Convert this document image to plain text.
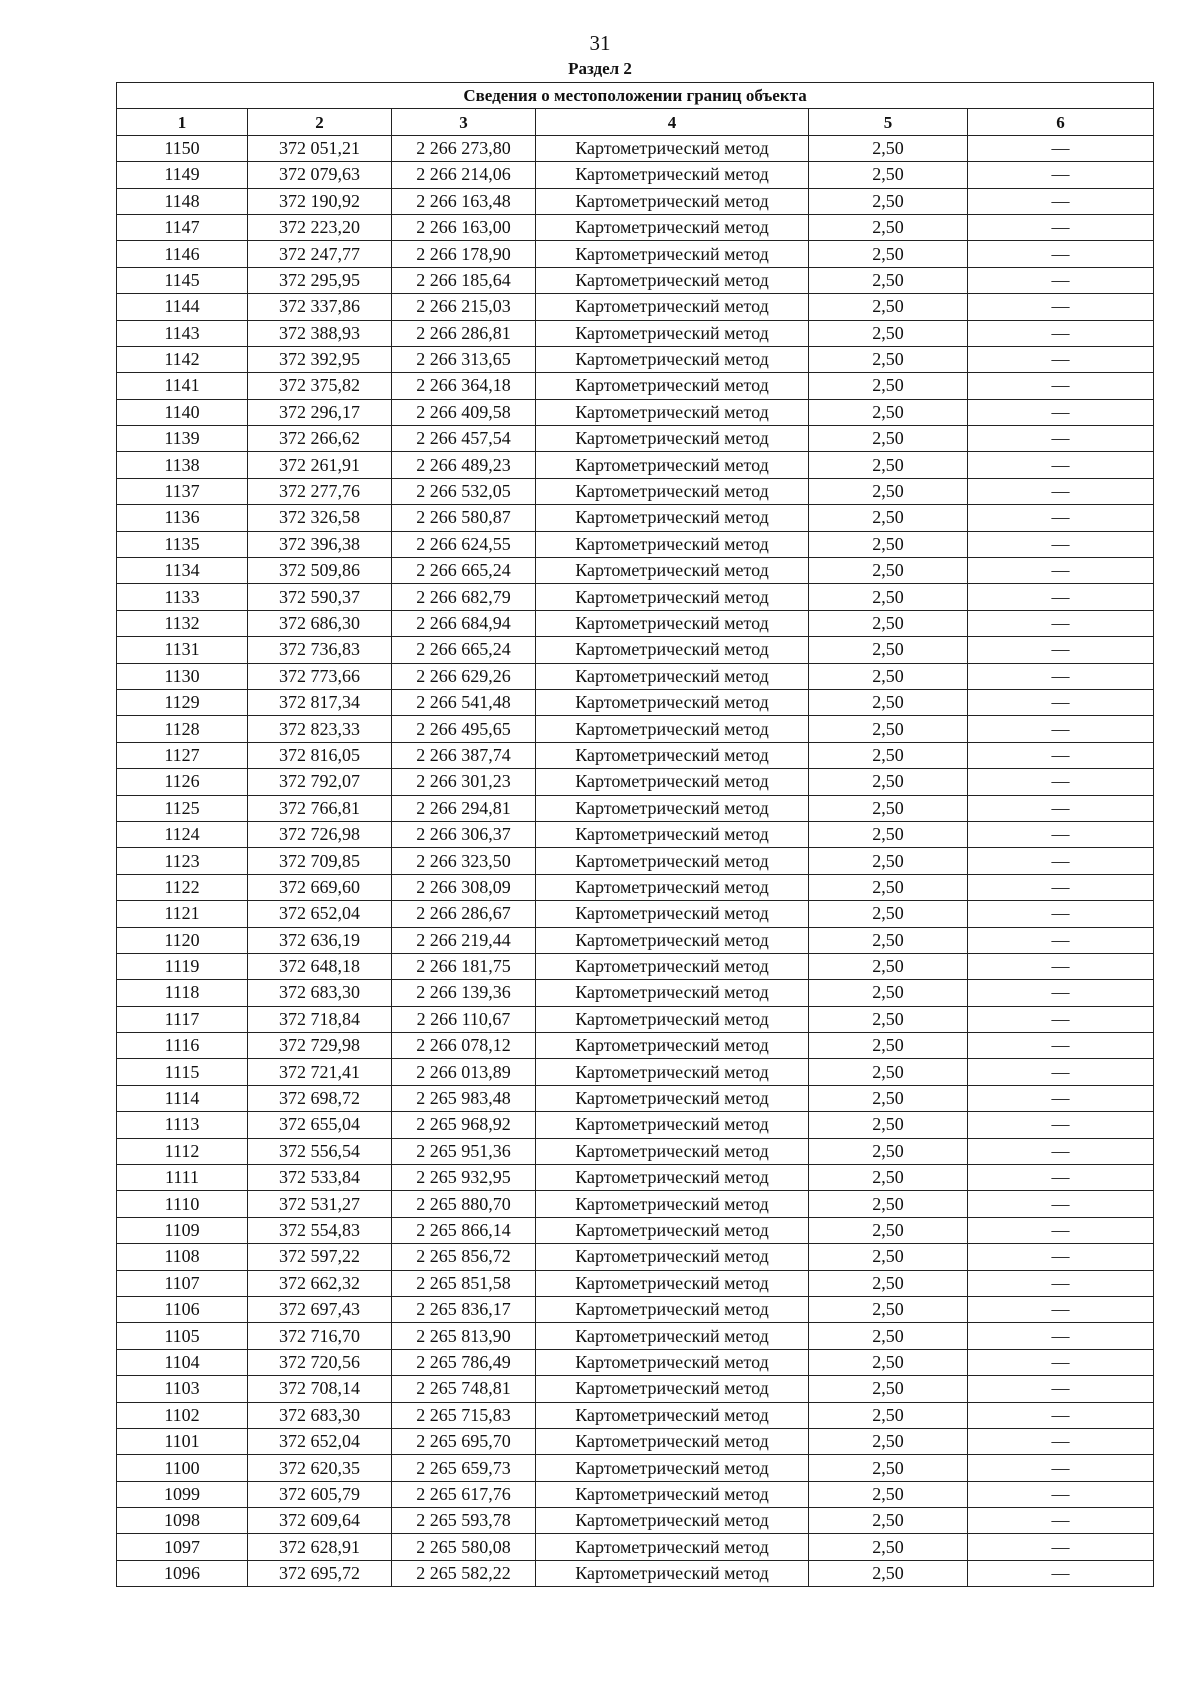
31
Раздел 2
Сведения о местоположении границ объекта					
1	2	3	4	5	6
1150	372 051,21	2 266 273,80	Картометрический метод	2,50	—
1149	372 079,63	2 266 214,06	Картометрический метод	2,50	—
1148	372 190,92	2 266 163,48	Картометрический метод	2,50	—
1147	372 223,20	2 266 163,00	Картометрический метод	2,50	—
1146	372 247,77	2 266 178,90	Картометрический метод	2,50	—
1145	372 295,95	2 266 185,64	Картометрический метод	2,50	—
1144	372 337,86	2 266 215,03	Картометрический метод	2,50	—
1143	372 388,93	2 266 286,81	Картометрический метод	2,50	—
1142	372 392,95	2 266 313,65	Картометрический метод	2,50	—
1141	372 375,82	2 266 364,18	Картометрический метод	2,50	—
1140	372 296,17	2 266 409,58	Картометрический метод	2,50	—
1139	372 266,62	2 266 457,54	Картометрический метод	2,50	—
1138	372 261,91	2 266 489,23	Картометрический метод	2,50	—
1137	372 277,76	2 266 532,05	Картометрический метод	2,50	—
1136	372 326,58	2 266 580,87	Картометрический метод	2,50	—
1135	372 396,38	2 266 624,55	Картометрический метод	2,50	—
1134	372 509,86	2 266 665,24	Картометрический метод	2,50	—
1133	372 590,37	2 266 682,79	Картометрический метод	2,50	—
1132	372 686,30	2 266 684,94	Картометрический метод	2,50	—
1131	372 736,83	2 266 665,24	Картометрический метод	2,50	—
1130	372 773,66	2 266 629,26	Картометрический метод	2,50	—
1129	372 817,34	2 266 541,48	Картометрический метод	2,50	—
1128	372 823,33	2 266 495,65	Картометрический метод	2,50	—
1127	372 816,05	2 266 387,74	Картометрический метод	2,50	—
1126	372 792,07	2 266 301,23	Картометрический метод	2,50	—
1125	372 766,81	2 266 294,81	Картометрический метод	2,50	—
1124	372 726,98	2 266 306,37	Картометрический метод	2,50	—
1123	372 709,85	2 266 323,50	Картометрический метод	2,50	—
1122	372 669,60	2 266 308,09	Картометрический метод	2,50	—
1121	372 652,04	2 266 286,67	Картометрический метод	2,50	—
1120	372 636,19	2 266 219,44	Картометрический метод	2,50	—
1119	372 648,18	2 266 181,75	Картометрический метод	2,50	—
1118	372 683,30	2 266 139,36	Картометрический метод	2,50	—
1117	372 718,84	2 266 110,67	Картометрический метод	2,50	—
1116	372 729,98	2 266 078,12	Картометрический метод	2,50	—
1115	372 721,41	2 266 013,89	Картометрический метод	2,50	—
1114	372 698,72	2 265 983,48	Картометрический метод	2,50	—
1113	372 655,04	2 265 968,92	Картометрический метод	2,50	—
1112	372 556,54	2 265 951,36	Картометрический метод	2,50	—
1111	372 533,84	2 265 932,95	Картометрический метод	2,50	—
1110	372 531,27	2 265 880,70	Картометрический метод	2,50	—
1109	372 554,83	2 265 866,14	Картометрический метод	2,50	—
1108	372 597,22	2 265 856,72	Картометрический метод	2,50	—
1107	372 662,32	2 265 851,58	Картометрический метод	2,50	—
1106	372 697,43	2 265 836,17	Картометрический метод	2,50	—
1105	372 716,70	2 265 813,90	Картометрический метод	2,50	—
1104	372 720,56	2 265 786,49	Картометрический метод	2,50	—
1103	372 708,14	2 265 748,81	Картометрический метод	2,50	—
1102	372 683,30	2 265 715,83	Картометрический метод	2,50	—
1101	372 652,04	2 265 695,70	Картометрический метод	2,50	—
1100	372 620,35	2 265 659,73	Картометрический метод	2,50	—
1099	372 605,79	2 265 617,76	Картометрический метод	2,50	—
1098	372 609,64	2 265 593,78	Картометрический метод	2,50	—
1097	372 628,91	2 265 580,08	Картометрический метод	2,50	—
1096	372 695,72	2 265 582,22	Картометрический метод	2,50	—
